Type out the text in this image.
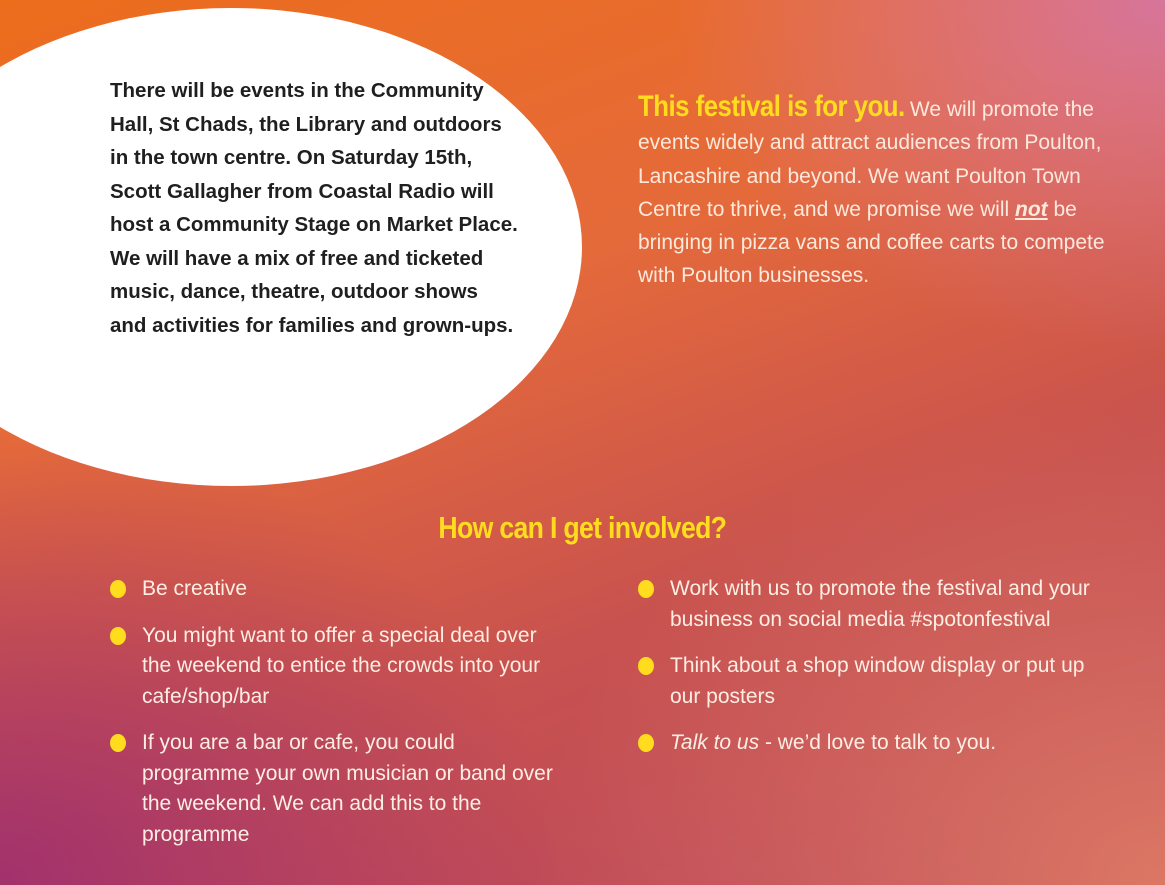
There will be events in the Community Hall, St Chads, the Library and outdoors in the town centre. On Saturday 15th, Scott Gallagher from Coastal Radio will host a Community Stage on Market Place. We will have a mix of free and ticketed music, dance, theatre, outdoor shows and activities for families and grown-ups.

This festival is for you. We will promote the events widely and attract audiences from Poulton, Lancashire and beyond. We want Poulton Town Centre to thrive, and we promise we will not be bringing in pizza vans and coffee carts to compete with Poulton businesses.

How can I get involved?
Be creative
You might want to offer a special deal over the weekend to entice the crowds into your cafe/shop/bar
If you are a bar or cafe, you could programme your own musician or band over the weekend. We can add this to the programme
Work with us to promote the festival and your business on social media #spotonfestival
Think about a shop window display or put up our posters
Talk to us - we’d love to talk to you.
